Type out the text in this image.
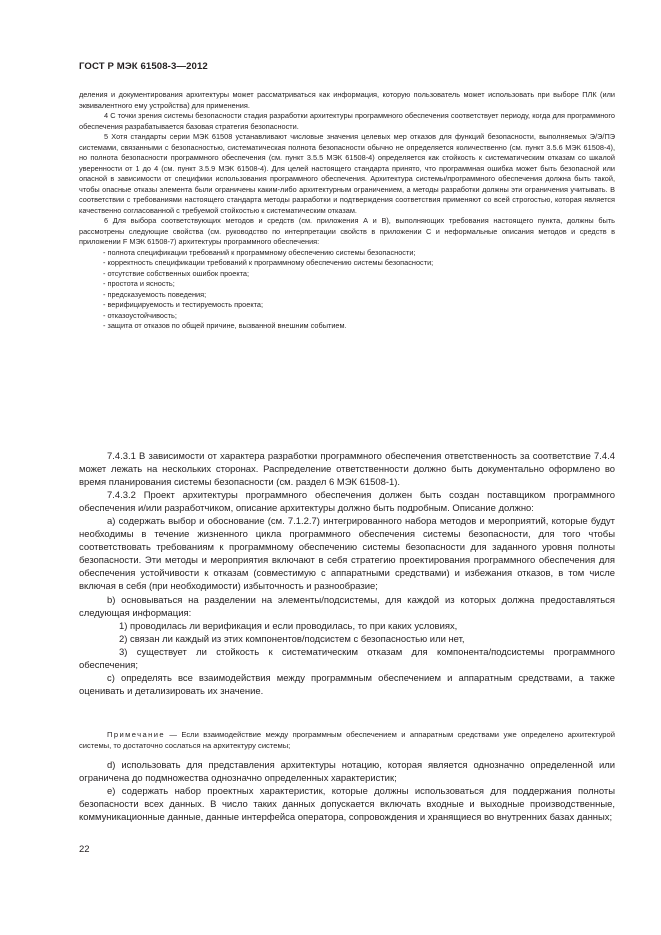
ГОСТ Р МЭК 61508-3—2012

деления и документирования архитектуры может рассматриваться как информация, которую пользователь может использовать при выборе ПЛК (или эквивалентного ему устройства) для применения.

4 С точки зрения системы безопасности стадия разработки архитектуры программного обеспечения соответствует периоду, когда для программного обеспечения разрабатывается базовая стратегия безопасности.

5 Хотя стандарты серии МЭК 61508 устанавливают числовые значения целевых мер отказов для функций безопасности, выполняемых Э/Э/ПЭ системами, связанными с безопасностью, систематическая полнота безопасности обычно не определяется количественно (см. пункт 3.5.6 МЭК 61508-4), но полнота безопасности программного обеспечения (см. пункт 3.5.5 МЭК 61508-4) определяется как стойкость к систематическим отказам со шкалой уверенности от 1 до 4 (см. пункт 3.5.9 МЭК 61508-4). Для целей настоящего стандарта принято, что программная ошибка может быть безопасной или опасной в зависимости от специфики использования программного обеспечения. Архитектура системы/программного обеспечения должна быть такой, чтобы опасные отказы элемента были ограничены каким-либо архитектурным ограничением, а методы разработки должны эти ограничения учитывать. В соответствии с требованиями настоящего стандарта методы разработки и подтверждения соответствия применяют со всей строгостью, которая является качественно согласованной с требуемой стойкостью к систематическим отказам.

6 Для выбора соответствующих методов и средств (см. приложения А и В), выполняющих требования настоящего пункта, должны быть рассмотрены следующие свойства (см. руководство по интерпретации свойств в приложении С и неформальные описания методов и средств в приложении F МЭК 61508-7) архитектуры программного обеспечения:

- полнота спецификации требований к программному обеспечению системы безопасности;

- корректность спецификации требований к программному обеспечению системы безопасности;

- отсутствие собственных ошибок проекта;

- простота и ясность;

- предсказуемость поведения;

- верифицируемость и тестируемость проекта;

- отказоустойчивость;

- защита от отказов по общей причине, вызванной внешним событием.

7.4.3.1 В зависимости от характера разработки программного обеспечения ответственность за соответствие 7.4.4 может лежать на нескольких сторонах. Распределение ответственности должно быть документально оформлено во время планирования системы безопасности (см. раздел 6 МЭК 61508-1).

7.4.3.2 Проект архитектуры программного обеспечения должен быть создан поставщиком программного обеспечения и/или разработчиком, описание архитектуры должно быть подробным. Описание должно:

а) содержать выбор и обоснование (см. 7.1.2.7) интегрированного набора методов и мероприятий, которые будут необходимы в течение жизненного цикла программного обеспечения системы безопасности, для того чтобы соответствовать требованиям к программному обеспечению системы безопасности для заданного уровня полноты безопасности. Эти методы и мероприятия включают в себя стратегию проектирования программного обеспечения для обеспечения устойчивости к отказам (совместимую с аппаратными средствами) и избежания отказов, в том числе включая в себя (при необходимости) избыточность и разнообразие;

b) основываться на разделении на элементы/подсистемы, для каждой из которых должна предоставляться следующая информация:

1) проводилась ли верификация и если проводилась, то при каких условиях,

2) связан ли каждый из этих компонентов/подсистем с безопасностью или нет,

3) существует ли стойкость к систематическим отказам для компонента/подсистемы программного обеспечения;

с) определять все взаимодействия между программным обеспечением и аппаратным средствами, а также оценивать и детализировать их значение.

Примечание — Если взаимодействие между программным обеспечением и аппаратным средствами уже определено архитектурой системы, то достаточно сослаться на архитектуру системы;

d) использовать для представления архитектуры нотацию, которая является однозначно определенной или ограничена до подмножества однозначно определенных характеристик;

е) содержать набор проектных характеристик, которые должны использоваться для поддержания полноты безопасности всех данных. В число таких данных допускается включать входные и выходные производственные, коммуникационные данные, данные интерфейса оператора, сопровождения и хранящиеся во внутренних базах данных;

22
